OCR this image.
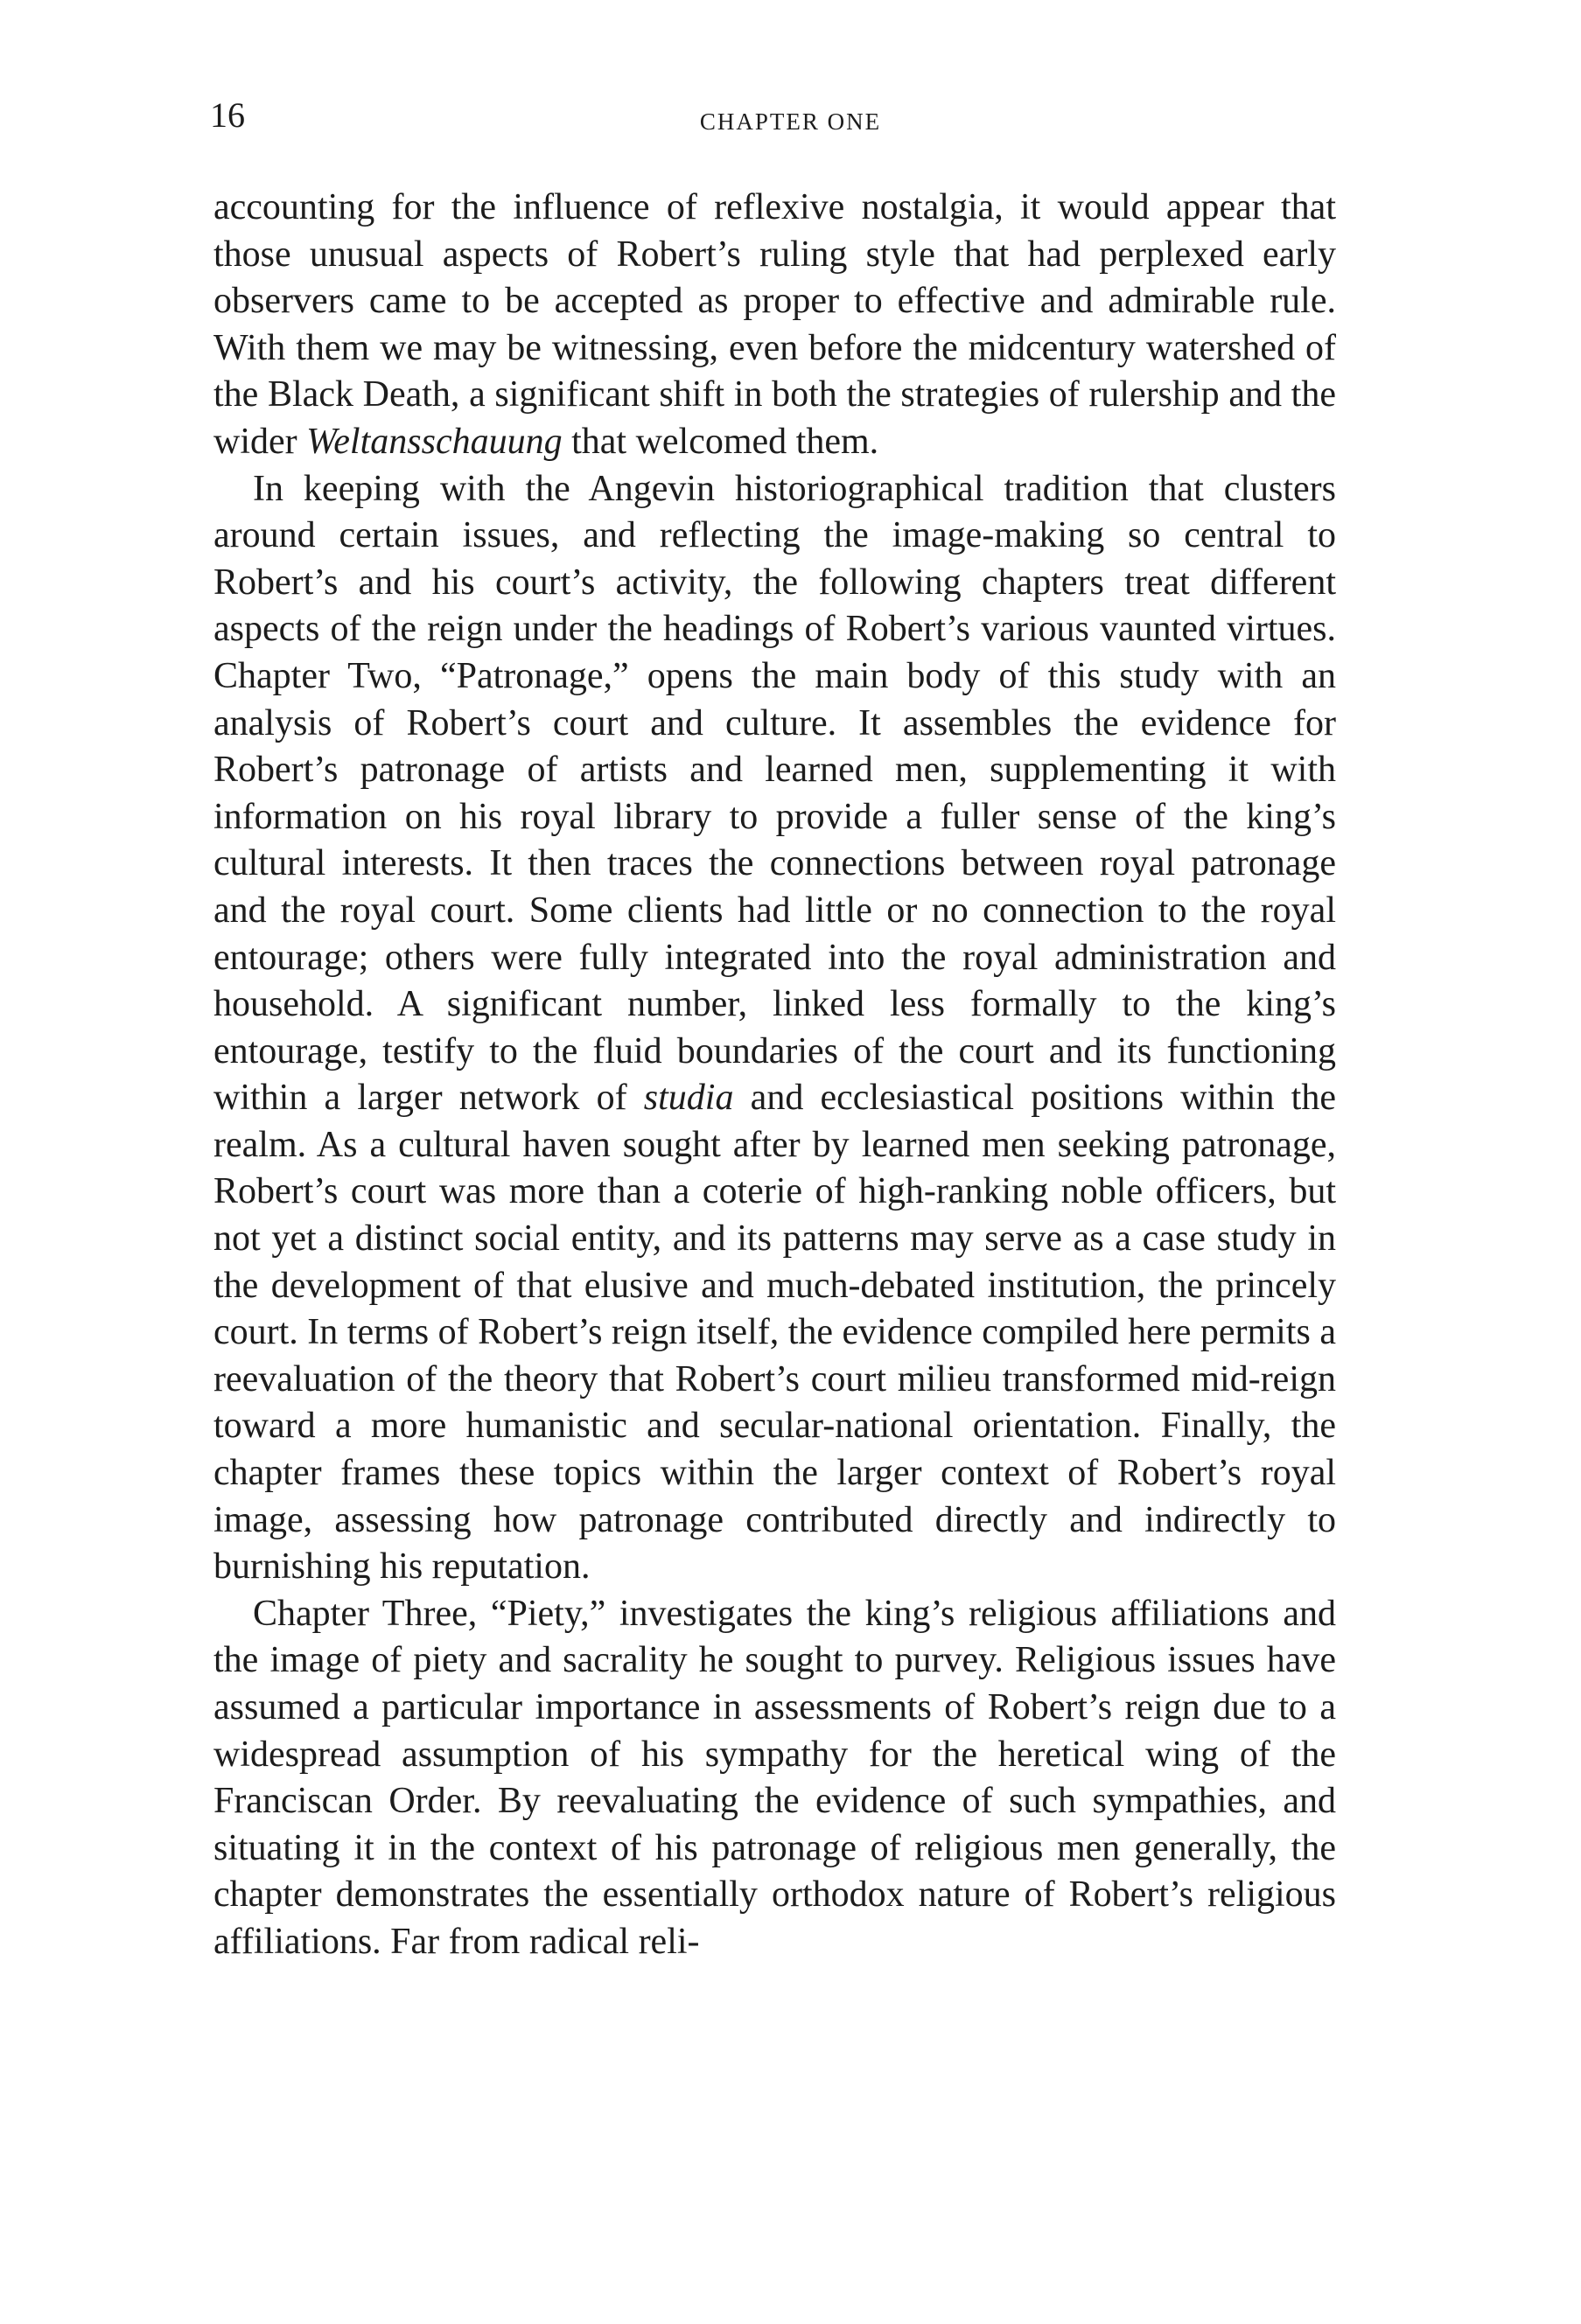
16	CHAPTER ONE

accounting for the influence of reflexive nostalgia, it would appear that those unusual aspects of Robert’s ruling style that had perplexed early observers came to be accepted as proper to effective and admirable rule. With them we may be witnessing, even before the midcentury watershed of the Black Death, a significant shift in both the strategies of rulership and the wider Weltansschauung that welcomed them.

In keeping with the Angevin historiographical tradition that clusters around certain issues, and reflecting the image-making so central to Robert’s and his court’s activity, the following chapters treat different aspects of the reign under the headings of Robert’s various vaunted virtues. Chapter Two, “Patronage,” opens the main body of this study with an analysis of Robert’s court and culture. It assembles the evidence for Robert’s patronage of artists and learned men, supplementing it with information on his royal library to provide a fuller sense of the king’s cultural interests. It then traces the connections between royal patronage and the royal court. Some clients had little or no connection to the royal entourage; others were fully integrated into the royal administration and household. A significant number, linked less formally to the king’s entourage, testify to the fluid boundaries of the court and its functioning within a larger network of studia and ecclesiastical positions within the realm. As a cultural haven sought after by learned men seeking patronage, Robert’s court was more than a coterie of high-ranking noble officers, but not yet a distinct social entity, and its patterns may serve as a case study in the development of that elusive and much-debated institution, the princely court. In terms of Robert’s reign itself, the evidence compiled here permits a reevaluation of the theory that Robert’s court milieu transformed mid-reign toward a more humanistic and secular-national orientation. Finally, the chapter frames these topics within the larger context of Robert’s royal image, assessing how patronage contributed directly and indirectly to burnishing his reputation.

Chapter Three, “Piety,” investigates the king’s religious affiliations and the image of piety and sacrality he sought to purvey. Religious issues have assumed a particular importance in assessments of Robert’s reign due to a widespread assumption of his sympathy for the heretical wing of the Franciscan Order. By reevaluating the evidence of such sympathies, and situating it in the context of his patronage of religious men generally, the chapter demonstrates the essentially orthodox nature of Robert’s religious affiliations. Far from radical reli-
